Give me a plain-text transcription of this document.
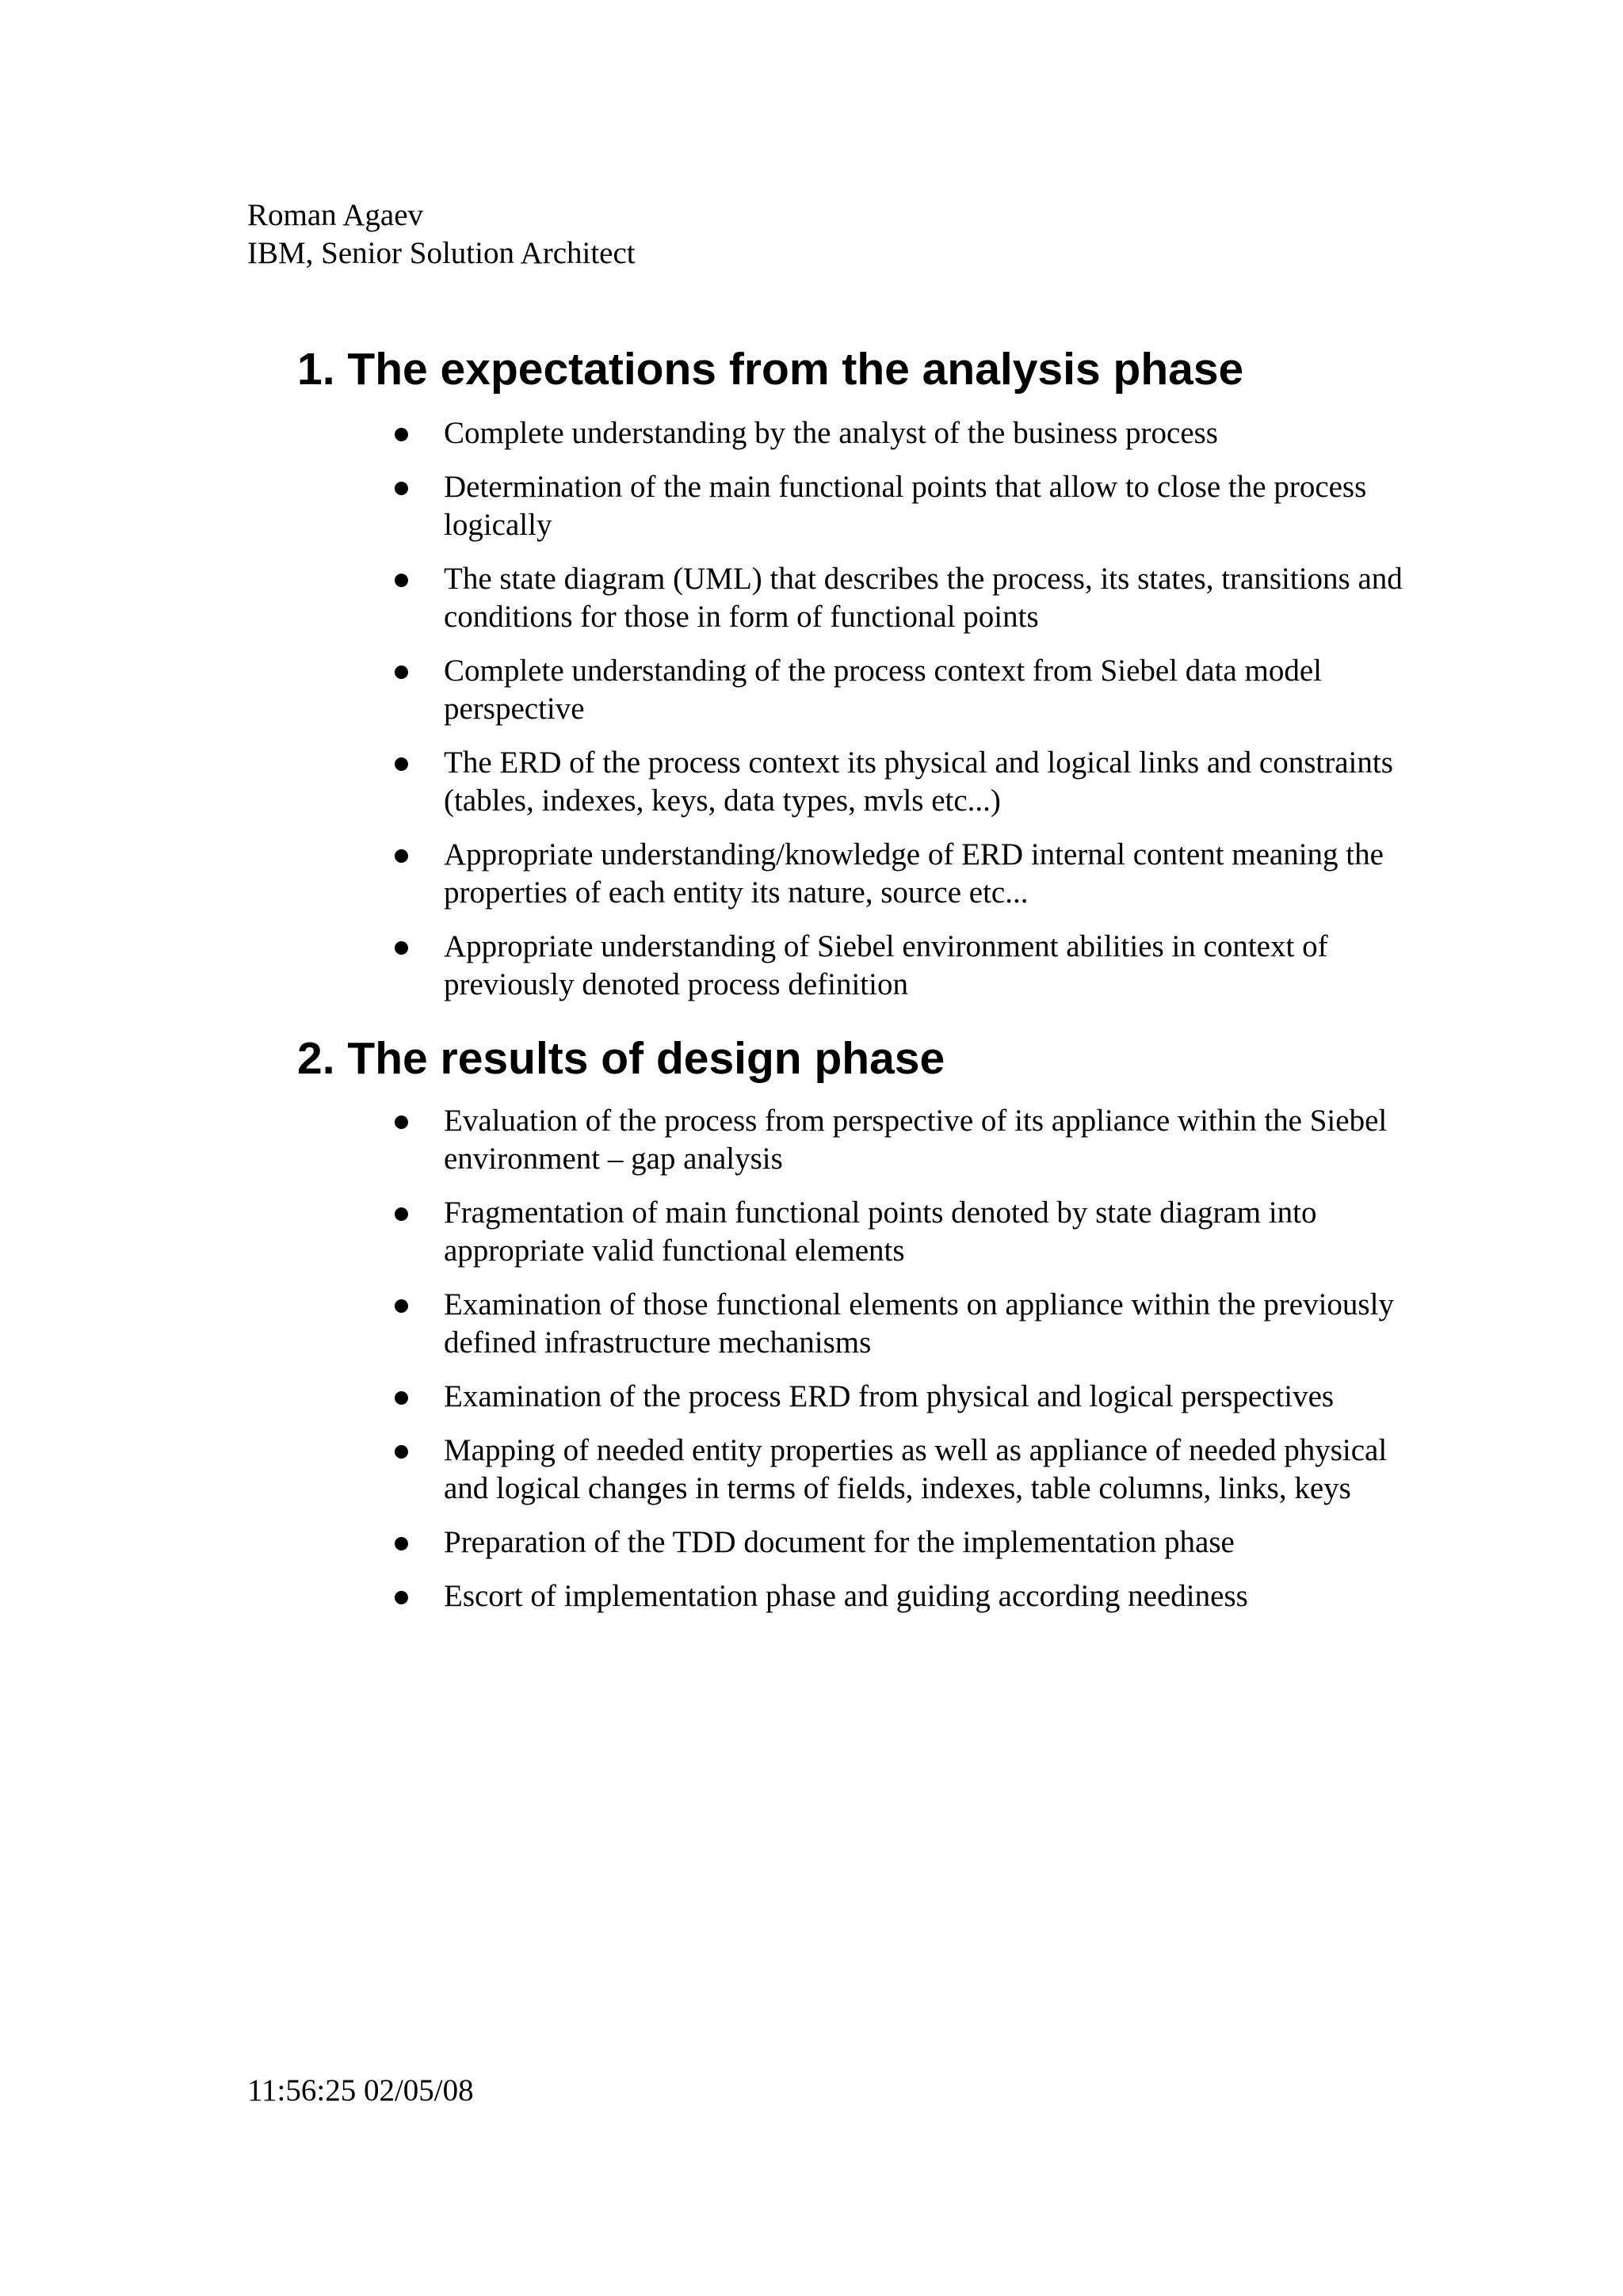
Roman Agaev
IBM, Senior Solution Architect
1. The expectations from the analysis phase
Complete understanding by the analyst of the business process
Determination of the main functional points that allow to close the process logically
The state diagram (UML) that describes the process, its states, transitions and conditions for those in form of functional points
Complete understanding of the process context from Siebel data model perspective
The ERD of the process context its physical and logical links and constraints (tables, indexes, keys, data types, mvls etc...)
Appropriate understanding/knowledge of ERD internal content meaning the properties of each entity its nature, source etc...
Appropriate understanding of Siebel environment abilities in context of previously denoted process definition
2. The results of design phase
Evaluation of the process from perspective of its appliance within the Siebel environment – gap analysis
Fragmentation of main functional points denoted by state diagram into appropriate valid functional elements
Examination of those functional elements on appliance within the previously defined infrastructure mechanisms
Examination of the process ERD from physical and logical perspectives
Mapping of needed entity properties as well as appliance of needed physical and logical changes in terms of fields, indexes, table columns, links, keys
Preparation of the TDD document for the implementation phase
Escort of implementation phase and guiding according neediness
11:56:25 02/05/08
